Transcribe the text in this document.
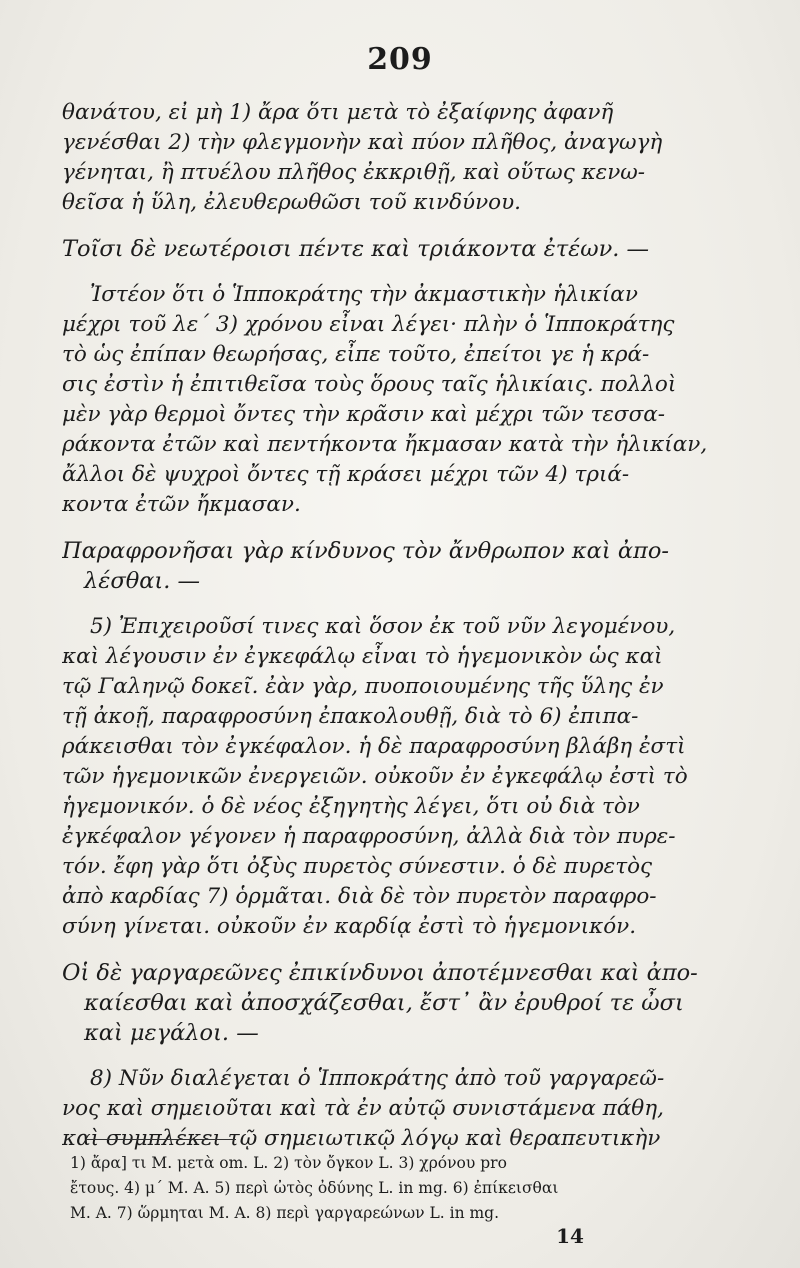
209

θανάτου, εἰ μὴ 1) ἄρα ὅτι μετὰ τὸ ἐξαίφνης ἀφανῆ
γενέσθαι 2) τὴν φλεγμονὴν καὶ πύον πλῆθος, ἀναγωγὴ
γένηται, ἢ πτυέλου πλῆθος ἐκκριθῇ, καὶ οὕτως κενω-
θεῖσα ἡ ὕλη, ἐλευθερωθῶσι τοῦ κινδύνου.

Τοῖσι δὲ νεωτέροισι πέντε καὶ τριάκοντα ἐτέων. —

Ἰστέον ὅτι ὁ Ἱπποκράτης τὴν ἀκμαστικὴν ἡλικίαν
μέχρι τοῦ λε΄ 3) χρόνου εἶναι λέγει· πλὴν ὁ Ἱπποκράτης
τὸ ὡς ἐπίπαν θεωρήσας, εἶπε τοῦτο, ἐπείτοι γε ἡ κρά-
σις ἐστὶν ἡ ἐπιτιθεῖσα τοὺς ὅρους ταῖς ἡλικίαις. πολλοὶ
μὲν γὰρ θερμοὶ ὄντες τὴν κρᾶσιν καὶ μέχρι τῶν τεσσα-
ράκοντα ἐτῶν καὶ πεντήκοντα ἤκμασαν κατὰ τὴν ἡλικίαν,
ἄλλοι δὲ ψυχροὶ ὄντες τῇ κράσει μέχρι τῶν 4) τριά-
κοντα ἐτῶν ἤκμασαν.

Παραφρονῆσαι γὰρ κίνδυνος τὸν ἄνθρωπον καὶ ἀπο-
λέσθαι. —

5) Ἐπιχειροῦσί τινες καὶ ὅσον ἐκ τοῦ νῦν λεγομένου,
καὶ λέγουσιν ἐν ἐγκεφάλῳ εἶναι τὸ ἡγεμονικὸν ὡς καὶ
τῷ Γαληνῷ δοκεῖ. ἐὰν γὰρ, πυοποιουμένης τῆς ὕλης ἐν
τῇ ἀκοῇ, παραφροσύνη ἐπακολουθῇ, διὰ τὸ 6) ἐπιπα-
ράκεισθαι τὸν ἐγκέφαλον. ἡ δὲ παραφροσύνη βλάβη ἐστὶ
τῶν ἡγεμονικῶν ἐνεργειῶν. οὐκοῦν ἐν ἐγκεφάλῳ ἐστὶ τὸ
ἡγεμονικόν. ὁ δὲ νέος ἐξηγητὴς λέγει, ὅτι οὐ διὰ τὸν
ἐγκέφαλον γέγονεν ἡ παραφροσύνη, ἀλλὰ διὰ τὸν πυρε-
τόν. ἔφη γὰρ ὅτι ὀξὺς πυρετὸς σύνεστιν. ὁ δὲ πυρετὸς
ἀπὸ καρδίας 7) ὁρμᾶται. διὰ δὲ τὸν πυρετὸν παραφρο-
σύνη γίνεται. οὐκοῦν ἐν καρδίᾳ ἐστὶ τὸ ἡγεμονικόν.

Οἱ δὲ γαργαρεῶνες ἐπικίνδυνοι ἀποτέμνεσθαι καὶ ἀπο-
καίεσθαι καὶ ἀποσχάζεσθαι, ἔστ᾽ ἂν ἐρυθροί τε ὦσι
καὶ μεγάλοι. —

8) Νῦν διαλέγεται ὁ Ἱπποκράτης ἀπὸ τοῦ γαργαρεῶ-
νος καὶ σημειοῦται καὶ τὰ ἐν αὐτῷ συνιστάμενα πάθη,
καὶ συμπλέκει τῷ σημειωτικῷ λόγῳ καὶ θεραπευτικὴν

1) ἄρα] τι M. μετὰ om. L. 2) τὸν ὄγκον L. 3) χρόνου pro
ἔτους. 4) μ΄ M. A. 5) περὶ ὠτὸς ὀδύνης L. in mg. 6) ἐπίκεισθαι
M. A. 7) ὥρμηται M. A. 8) περὶ γαργαρεώνων L. in mg.
14
